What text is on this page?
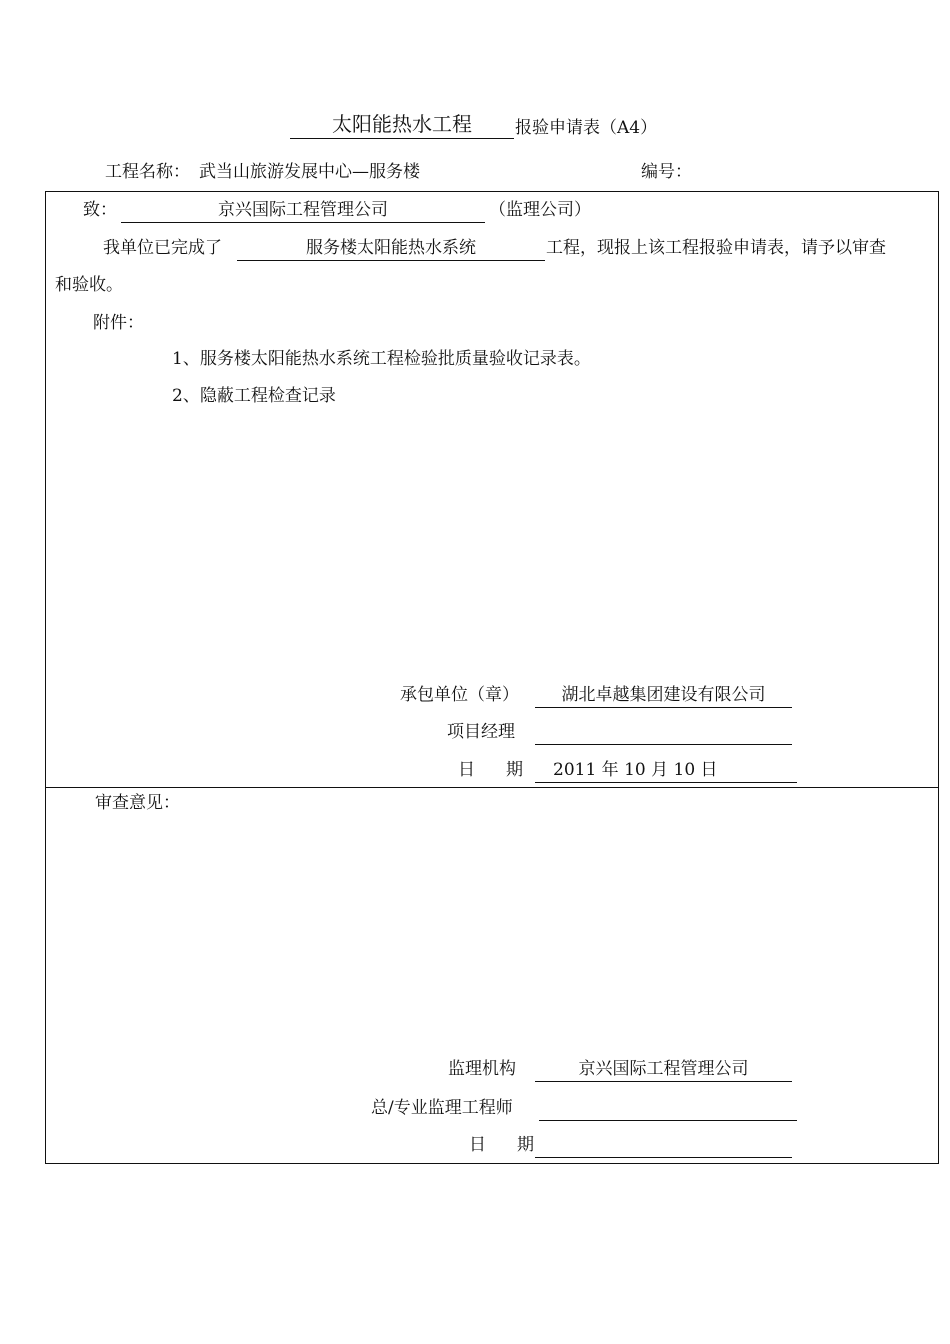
太阳能热水工程	报验申请表（A4）
工程名称： 武当山旅游发展中心—服务楼	编号：
致：	京兴国际工程管理公司	（监理公司）
我单位已完成了	服务楼太阳能热水系统	工程，现报上该工程报验申请表，请予以审查
和验收。
附件：
1、服务楼太阳能热水系统工程检验批质量验收记录表。
2、隐蔽工程检查记录
承包单位（章）	湖北卓越集团建设有限公司
项目经理
日 期	2011 年 10 月 10 日
审查意见：
监理机构	京兴国际工程管理公司
总/专业监理工程师
日 期
